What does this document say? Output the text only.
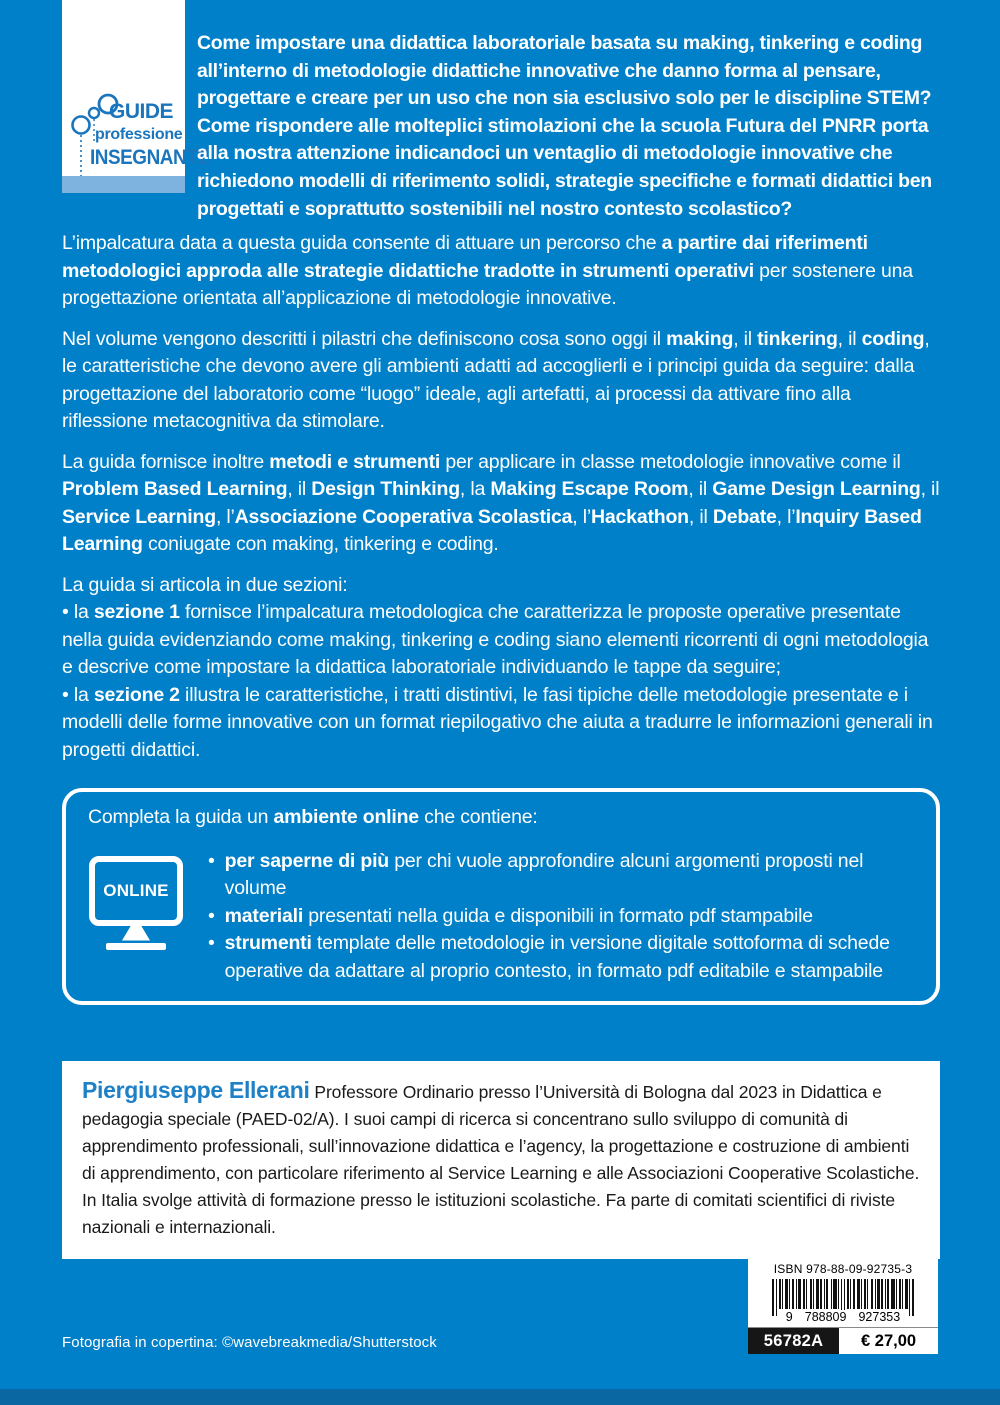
GUIDE
professione
INSEGNANTE
Come impostare una didattica laboratoriale basata su making, tinkering e coding all’interno di metodologie didattiche innovative che danno forma al pensare, progettare e creare per un uso che non sia esclusivo solo per le discipline STEM? Come rispondere alle molteplici stimolazioni che la scuola Futura del PNRR porta alla nostra attenzione indicandoci un ventaglio di metodologie innovative che richiedono modelli di riferimento solidi, strategie specifiche e formati didattici ben progettati e soprattutto sostenibili nel nostro contesto scolastico?

L’impalcatura data a questa guida consente di attuare un percorso che a partire dai riferimenti metodologici approda alle strategie didattiche tradotte in strumenti operativi per sostenere una progettazione orientata all’applicazione di metodologie innovative.

Nel volume vengono descritti i pilastri che definiscono cosa sono oggi il making, il tinkering, il coding, le caratteristiche che devono avere gli ambienti adatti ad accoglierli e i principi guida da seguire: dalla progettazione del laboratorio come “luogo” ideale, agli artefatti, ai processi da attivare fino alla riflessione metacognitiva da stimolare.

La guida fornisce inoltre metodi e strumenti per applicare in classe metodologie innovative come il Problem Based Learning, il Design Thinking, la Making Escape Room, il Game Design Learning, il Service Learning, l’Associazione Cooperativa Scolastica, l’Hackathon, il Debate, l’Inquiry Based Learning coniugate con making, tinkering e coding.

La guida si articola in due sezioni:

• la sezione 1 fornisce l’impalcatura metodologica che caratterizza le proposte operative presentate nella guida evidenziando come making, tinkering e coding siano elementi ricorrenti di ogni metodologia e descrive come impostare la didattica laboratoriale individuando le tappe da seguire;

• la sezione 2 illustra le caratteristiche, i tratti distintivi, le fasi tipiche delle metodologie presentate e i modelli delle forme innovative con un format riepilogativo che aiuta a tradurre le informazioni generali in progetti didattici.

Completa la guida un ambiente online che contiene:
ONLINE
• per saperne di più per chi vuole approfondire alcuni argomenti proposti nel volume
• materiali presentati nella guida e disponibili in formato pdf stampabile
• strumenti template delle metodologie in versione digitale sottoforma di schede operative da adattare al proprio contesto, in formato pdf editabile e stampabile
Piergiuseppe Ellerani Professore Ordinario presso l’Università di Bologna dal 2023 in Didattica e pedagogia speciale (PAED-02/A). I suoi campi di ricerca si concentrano sullo sviluppo di comunità di apprendimento professionali, sull’innovazione didattica e l’agency, la progettazione e costruzione di ambienti di apprendimento, con particolare riferimento al Service Learning e alle Associazioni Cooperative Scolastiche. In Italia svolge attività di formazione presso le istituzioni scolastiche. Fa parte di comitati scientifici di riviste nazionali e internazionali.
Fotografia in copertina: ©wavebreakmedia/Shutterstock
ISBN 978-88-09-92735-3
9 788809 927353
56782A	€ 27,00
